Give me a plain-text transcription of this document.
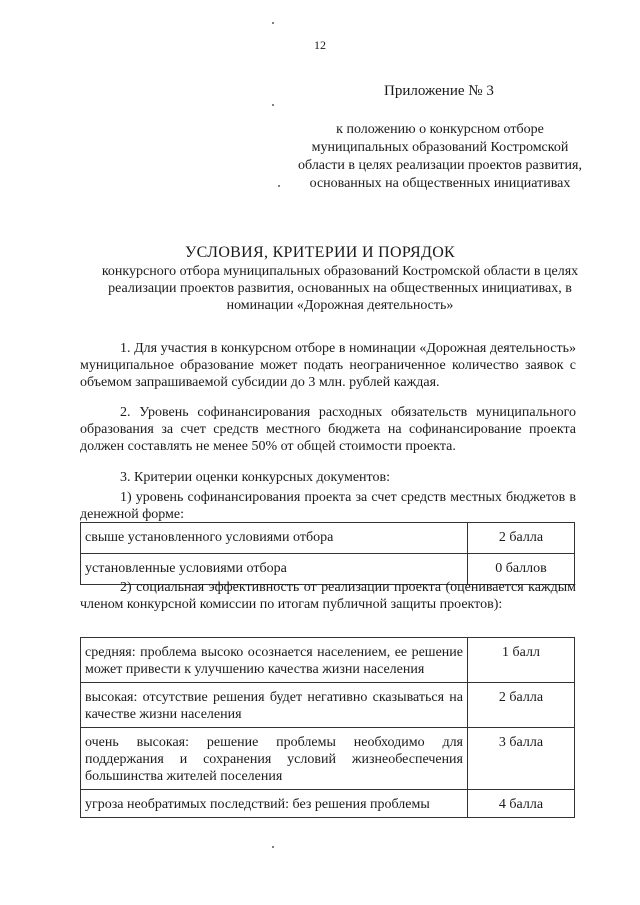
12
Приложение № 3
к положению о конкурсном отборе муниципальных образований Костромской области в целях реализации проектов развития, основанных на общественных инициативах
УСЛОВИЯ, КРИТЕРИИ И ПОРЯДОК
конкурсного отбора муниципальных образований Костромской области в целях реализации проектов развития, основанных на общественных инициативах, в номинации «Дорожная деятельность»
1. Для участия в конкурсном отборе в номинации «Дорожная деятельность» муниципальное образование может подать неограниченное количество заявок с объемом запрашиваемой субсидии до 3 млн. рублей каждая.
2. Уровень софинансирования расходных обязательств муниципального образования за счет средств местного бюджета на софинансирование проекта должен составлять не менее 50% от общей стоимости проекта.
3. Критерии оценки конкурсных документов:
1) уровень софинансирования проекта за счет средств местных бюджетов в денежной форме:
свыше установленного условиями отбора	2 балла
установленные условиями отбора	0 баллов
2) социальная эффективность от реализации проекта (оценивается каждым членом конкурсной комиссии по итогам публичной защиты проектов):
средняя: проблема высоко осознается населением, ее решение может привести к улучшению качества жизни населения	1 балл
высокая: отсутствие решения будет негативно сказываться на качестве жизни населения	2 балла
очень высокая: решение проблемы необходимо для поддержания и сохранения условий жизнеобеспечения большинства жителей поселения	3 балла
угроза необратимых последствий: без решения проблемы	4 балла
